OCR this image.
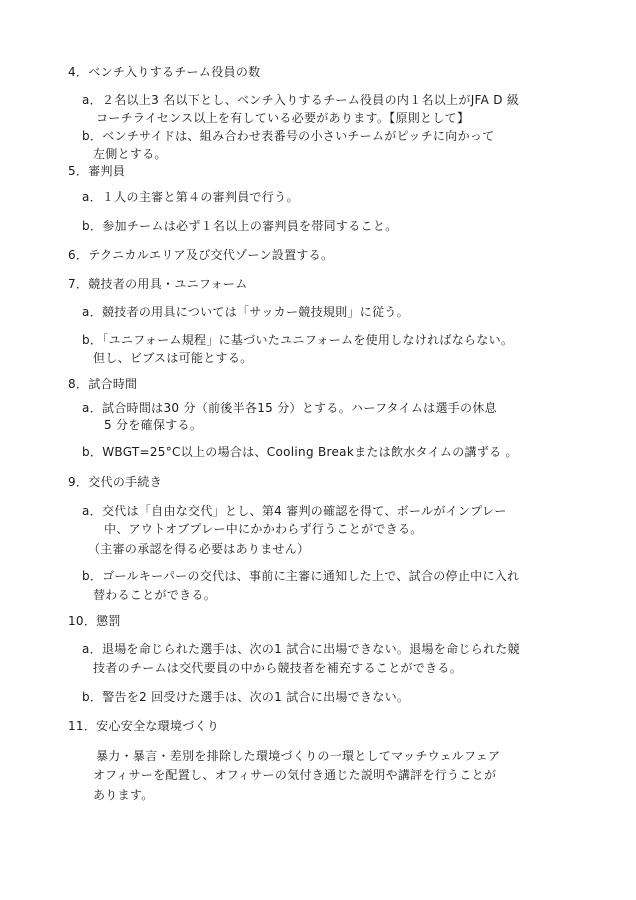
4．ベンチ入りするチーム役員の数
a．２名以上3 名以下とし、ベンチ入りするチーム役員の内１名以上がJFA D 級
コーチライセンス以上を有している必要があります。【原則として】
b．ベンチサイドは、組み合わせ表番号の小さいチームがピッチに向かって
左側とする。
5．審判員
a．１人の主審と第４の審判員で行う。
b．参加チームは必ず１名以上の審判員を帯同すること。
6．テクニカルエリア及び交代ゾーン設置する。
7．競技者の用具・ユニフォーム
a．競技者の用具については「サッカー競技規則」に従う。
b．「ユニフォーム規程」に基づいたユニフォームを使用しなければならない。
但し、ビブスは可能とする。
8．試合時間
a．試合時間は30 分（前後半各15 分）とする。ハーフタイムは選手の休息
5 分を確保する。
b．WBGT=25°C以上の場合は、Cooling Breakまたは飲水タイムの講ずる 。
9．交代の手続き
a．交代は「自由な交代」とし、第4 審判の確認を得て、ボールがインプレー
中、アウトオブプレー中にかかわらず行うことができる。
（主審の承認を得る必要はありません）
b．ゴールキーパーの交代は、事前に主審に通知した上で、試合の停止中に入れ
替わることができる。
10．懲罰
a．退場を命じられた選手は、次の1 試合に出場できない。退場を命じられた競
技者のチームは交代要員の中から競技者を補充することができる。
b．警告を2 回受けた選手は、次の1 試合に出場できない。
11．安心安全な環境づくり
暴力・暴言・差別を排除した環境づくりの一環としてマッチウェルフェア
オフィサーを配置し、オフィサーの気付き通じた説明や講評を行うことが
あります。
